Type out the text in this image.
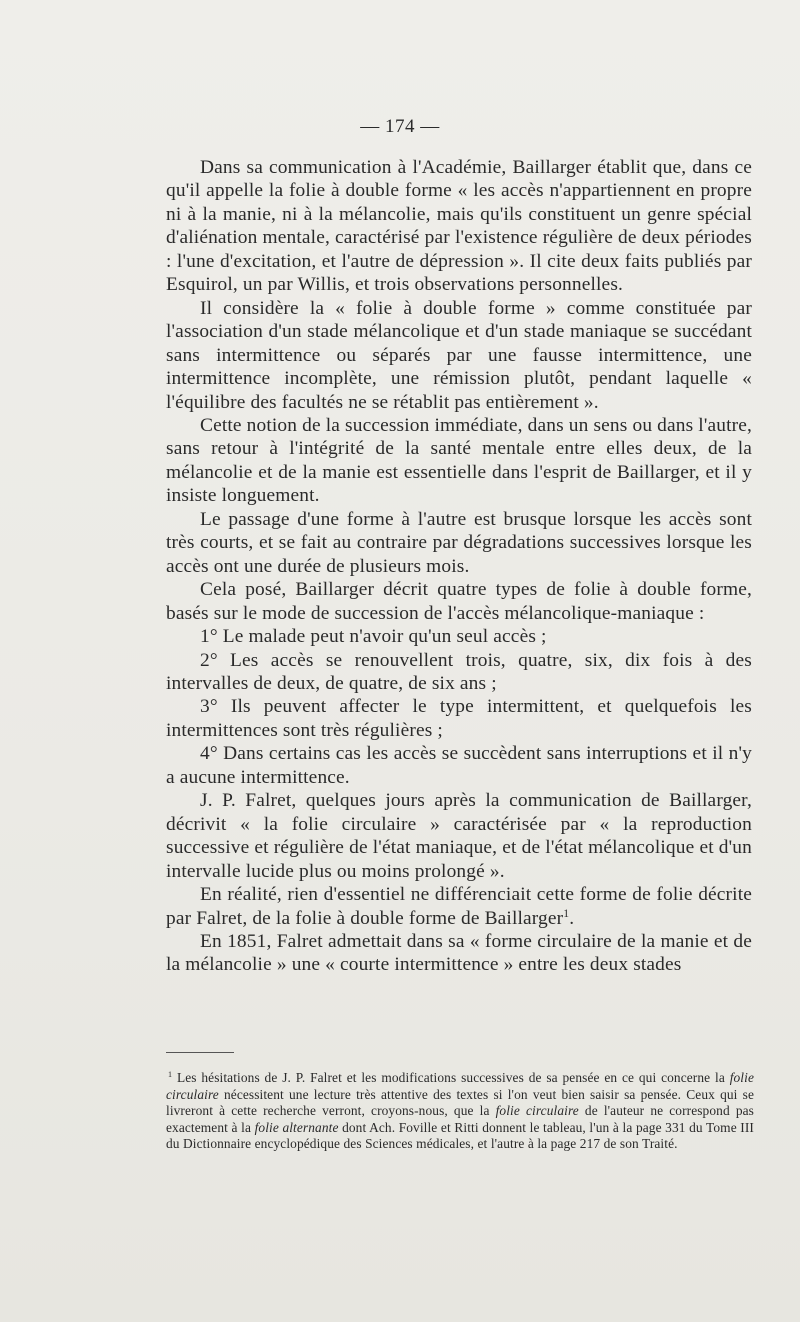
— 174 —

Dans sa communication à l'Académie, Baillarger établit que, dans ce qu'il appelle la folie à double forme « les accès n'appartiennent en propre ni à la manie, ni à la mélancolie, mais qu'ils constituent un genre spécial d'aliénation mentale, caractérisé par l'existence régulière de deux périodes : l'une d'excitation, et l'autre de dépression ». Il cite deux faits publiés par Esquirol, un par Willis, et trois observations personnelles.

Il considère la « folie à double forme » comme constituée par l'association d'un stade mélancolique et d'un stade maniaque se succédant sans intermittence ou séparés par une fausse intermittence, une intermittence incomplète, une rémission plutôt, pendant laquelle « l'équilibre des facultés ne se rétablit pas entièrement ».

Cette notion de la succession immédiate, dans un sens ou dans l'autre, sans retour à l'intégrité de la santé mentale entre elles deux, de la mélancolie et de la manie est essentielle dans l'esprit de Baillarger, et il y insiste longuement.

Le passage d'une forme à l'autre est brusque lorsque les accès sont très courts, et se fait au contraire par dégradations successives lorsque les accès ont une durée de plusieurs mois.

Cela posé, Baillarger décrit quatre types de folie à double forme, basés sur le mode de succession de l'accès mélancolique-maniaque :

1° Le malade peut n'avoir qu'un seul accès ;

2° Les accès se renouvellent trois, quatre, six, dix fois à des intervalles de deux, de quatre, de six ans ;

3° Ils peuvent affecter le type intermittent, et quelquefois les intermittences sont très régulières ;

4° Dans certains cas les accès se succèdent sans interruptions et il n'y a aucune intermittence.

J. P. Falret, quelques jours après la communication de Baillarger, décrivit « la folie circulaire » caractérisée par « la reproduction successive et régulière de l'état maniaque, et de l'état mélancolique et d'un intervalle lucide plus ou moins prolongé ».

En réalité, rien d'essentiel ne différenciait cette forme de folie décrite par Falret, de la folie à double forme de Baillarger$^1$.

En 1851, Falret admettait dans sa « forme circulaire de la manie et de la mélancolie » une « courte intermittence » entre les deux stades

$^1$ Les hésitations de J. P. Falret et les modifications successives de sa pensée en ce qui concerne la folie circulaire nécessitent une lecture très attentive des textes si l'on veut bien saisir sa pensée. Ceux qui se livreront à cette recherche verront, croyons-nous, que la folie circulaire de l'auteur ne correspond pas exactement à la folie alternante dont Ach. Foville et Ritti donnent le tableau, l'un à la page 331 du Tome III du Dictionnaire encyclopédique des Sciences médicales, et l'autre à la page 217 de son Traité.
